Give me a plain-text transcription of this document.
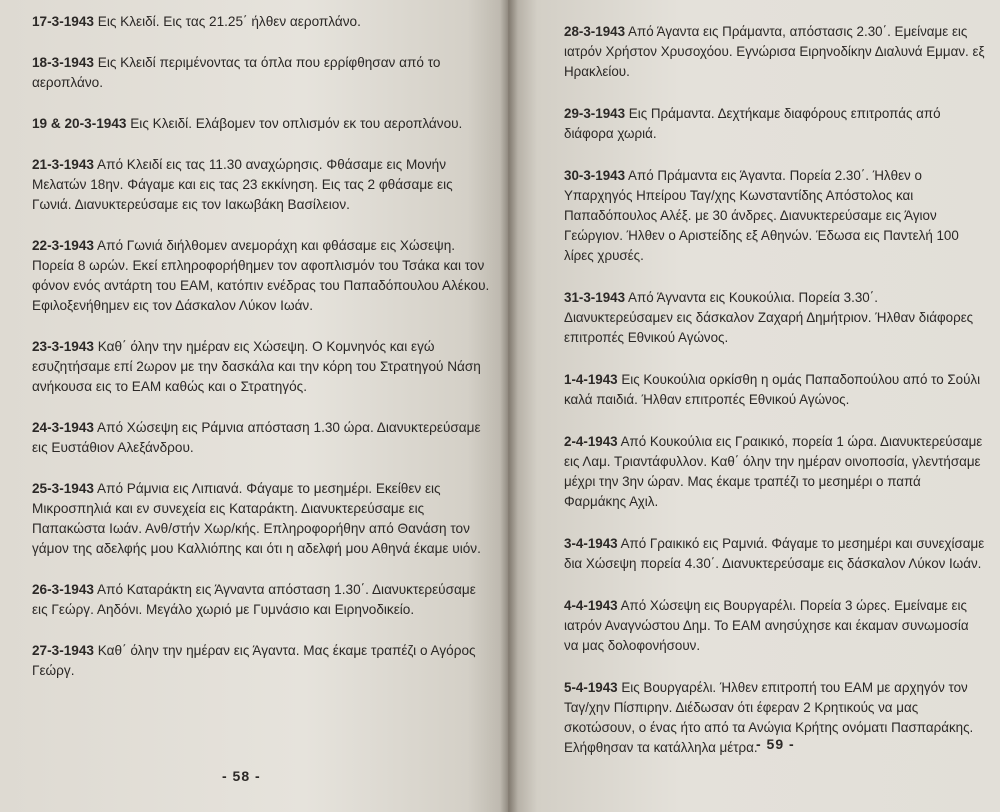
17-3-1943 Εις Κλειδί. Εις τας 21.25΄ ήλθεν αεροπλάνο.

18-3-1943 Εις Κλειδί περιμένοντας τα όπλα που ερρίφθησαν από το αεροπλάνο.

19 & 20-3-1943 Εις Κλειδί. Ελάβομεν τον οπλισμόν εκ του αεροπλάνου.

21-3-1943 Από Κλειδί εις τας 11.30 αναχώρησις. Φθάσαμε εις Μονήν Μελατών 18ην. Φάγαμε και εις τας 23 εκκίνηση. Εις τας 2 φθάσαμε εις Γωνιά. Διανυκτερεύσαμε εις τον Ιακωβάκη Βασίλειον.

22-3-1943 Από Γωνιά διήλθομεν ανεμοράχη και φθάσαμε εις Χώσεψη. Πορεία 8 ωρών. Εκεί επληροφορήθημεν τον αφοπλισμόν του Τσάκα και τον φόνον ενός αντάρτη του ΕΑΜ, κατόπιν ενέδρας του Παπαδόπουλου Αλέκου. Εφιλοξενήθημεν εις τον Δάσκαλον Λύκον Ιωάν.

23-3-1943 Καθ΄ όλην την ημέραν εις Χώσεψη. Ο Κομνηνός και εγώ εσυζητήσαμε επί 2ωρον με την δασκάλα και την κόρη του Στρατηγού Νάση ανήκουσα εις το ΕΑΜ καθώς και ο Στρατηγός.

24-3-1943 Από Χώσεψη εις Ράμνια απόσταση 1.30 ώρα. Διανυκτερεύσαμε εις Ευστάθιον Αλεξάνδρου.

25-3-1943 Από Ράμνια εις Λιπιανά. Φάγαμε το μεσημέρι. Εκείθεν εις Μικροσπηλιά και εν συνεχεία εις Καταράκτη. Διανυκτερεύσαμε εις Παπακώστα Ιωάν. Ανθ/στήν Χωρ/κής. Επληροφορήθην από Θανάση τον γάμον της αδελφής μου Καλλιόπης και ότι η αδελφή μου Αθηνά έκαμε υιόν.

26-3-1943 Από Καταράκτη εις Άγναντα απόσταση 1.30΄. Διανυκτερεύσαμε εις Γεώργ. Αηδόνι. Μεγάλο χωριό με Γυμνάσιο και Ειρηνοδικείο.

27-3-1943 Καθ΄ όλην την ημέραν εις Άγαντα. Μας έκαμε τραπέζι ο Αγόρος Γεώργ.

- 58 -

28-3-1943 Από Άγαντα εις Πράμαντα, απόστασις 2.30΄. Εμείναμε εις ιατρόν Χρήστον Χρυσοχόου. Εγνώρισα Ειρηνοδίκην Διαλυνά Εμμαν. εξ Ηρακλείου.

29-3-1943 Εις Πράμαντα. Δεχτήκαμε διαφόρους επιτροπάς από διάφορα χωριά.

30-3-1943 Από Πράμαντα εις Άγαντα. Πορεία 2.30΄. Ήλθεν ο Υπαρχηγός Ηπείρου Ταγ/χης Κωνσταντίδης Απόστολος και Παπαδόπουλος Αλέξ. με 30 άνδρες. Διανυκτερεύσαμε εις Άγιον Γεώργιον. Ήλθεν ο Αριστείδης εξ Αθηνών. Έδωσα εις Παντελή 100 λίρες χρυσές.

31-3-1943 Από Άγναντα εις Κουκούλια. Πορεία 3.30΄. Διανυκτερεύσαμεν εις δάσκαλον Ζαχαρή Δημήτριον. Ήλθαν διάφορες επιτροπές Εθνικού Αγώνος.

1-4-1943 Εις Κουκούλια ορκίσθη η ομάς Παπαδοπούλου από το Σούλι καλά παιδιά. Ήλθαν επιτροπές Εθνικού Αγώνος.

2-4-1943 Από Κουκούλια εις Γραικικό, πορεία 1 ώρα. Διανυκτερεύσαμε εις Λαμ. Τριαντάφυλλον. Καθ΄ όλην την ημέραν οινοποσία, γλεντήσαμε μέχρι την 3ην ώραν. Μας έκαμε τραπέζι το μεσημέρι ο παπά Φαρμάκης Αχιλ.

3-4-1943 Από Γραικικό εις Ραμνιά. Φάγαμε το μεσημέρι και συνεχίσαμε δια Χώσεψη πορεία 4.30΄. Διανυκτερεύσαμε εις δάσκαλον Λύκον Ιωάν.

4-4-1943 Από Χώσεψη εις Βουργαρέλι. Πορεία 3 ώρες. Εμείναμε εις ιατρόν Αναγνώστου Δημ. Το ΕΑΜ ανησύχησε και έκαμαν συνωμοσία να μας δολοφονήσουν.

5-4-1943 Εις Βουργαρέλι. Ήλθεν επιτροπή του ΕΑΜ με αρχηγόν τον Ταγ/χην Πίσπιρην. Διέδωσαν ότι έφεραν 2 Κρητικούς να μας σκοτώσουν, ο ένας ήτο από τα Ανώγια Κρήτης ονόματι Πασπαράκης. Ελήφθησαν τα κατάλληλα μέτρα.

- 59 -
